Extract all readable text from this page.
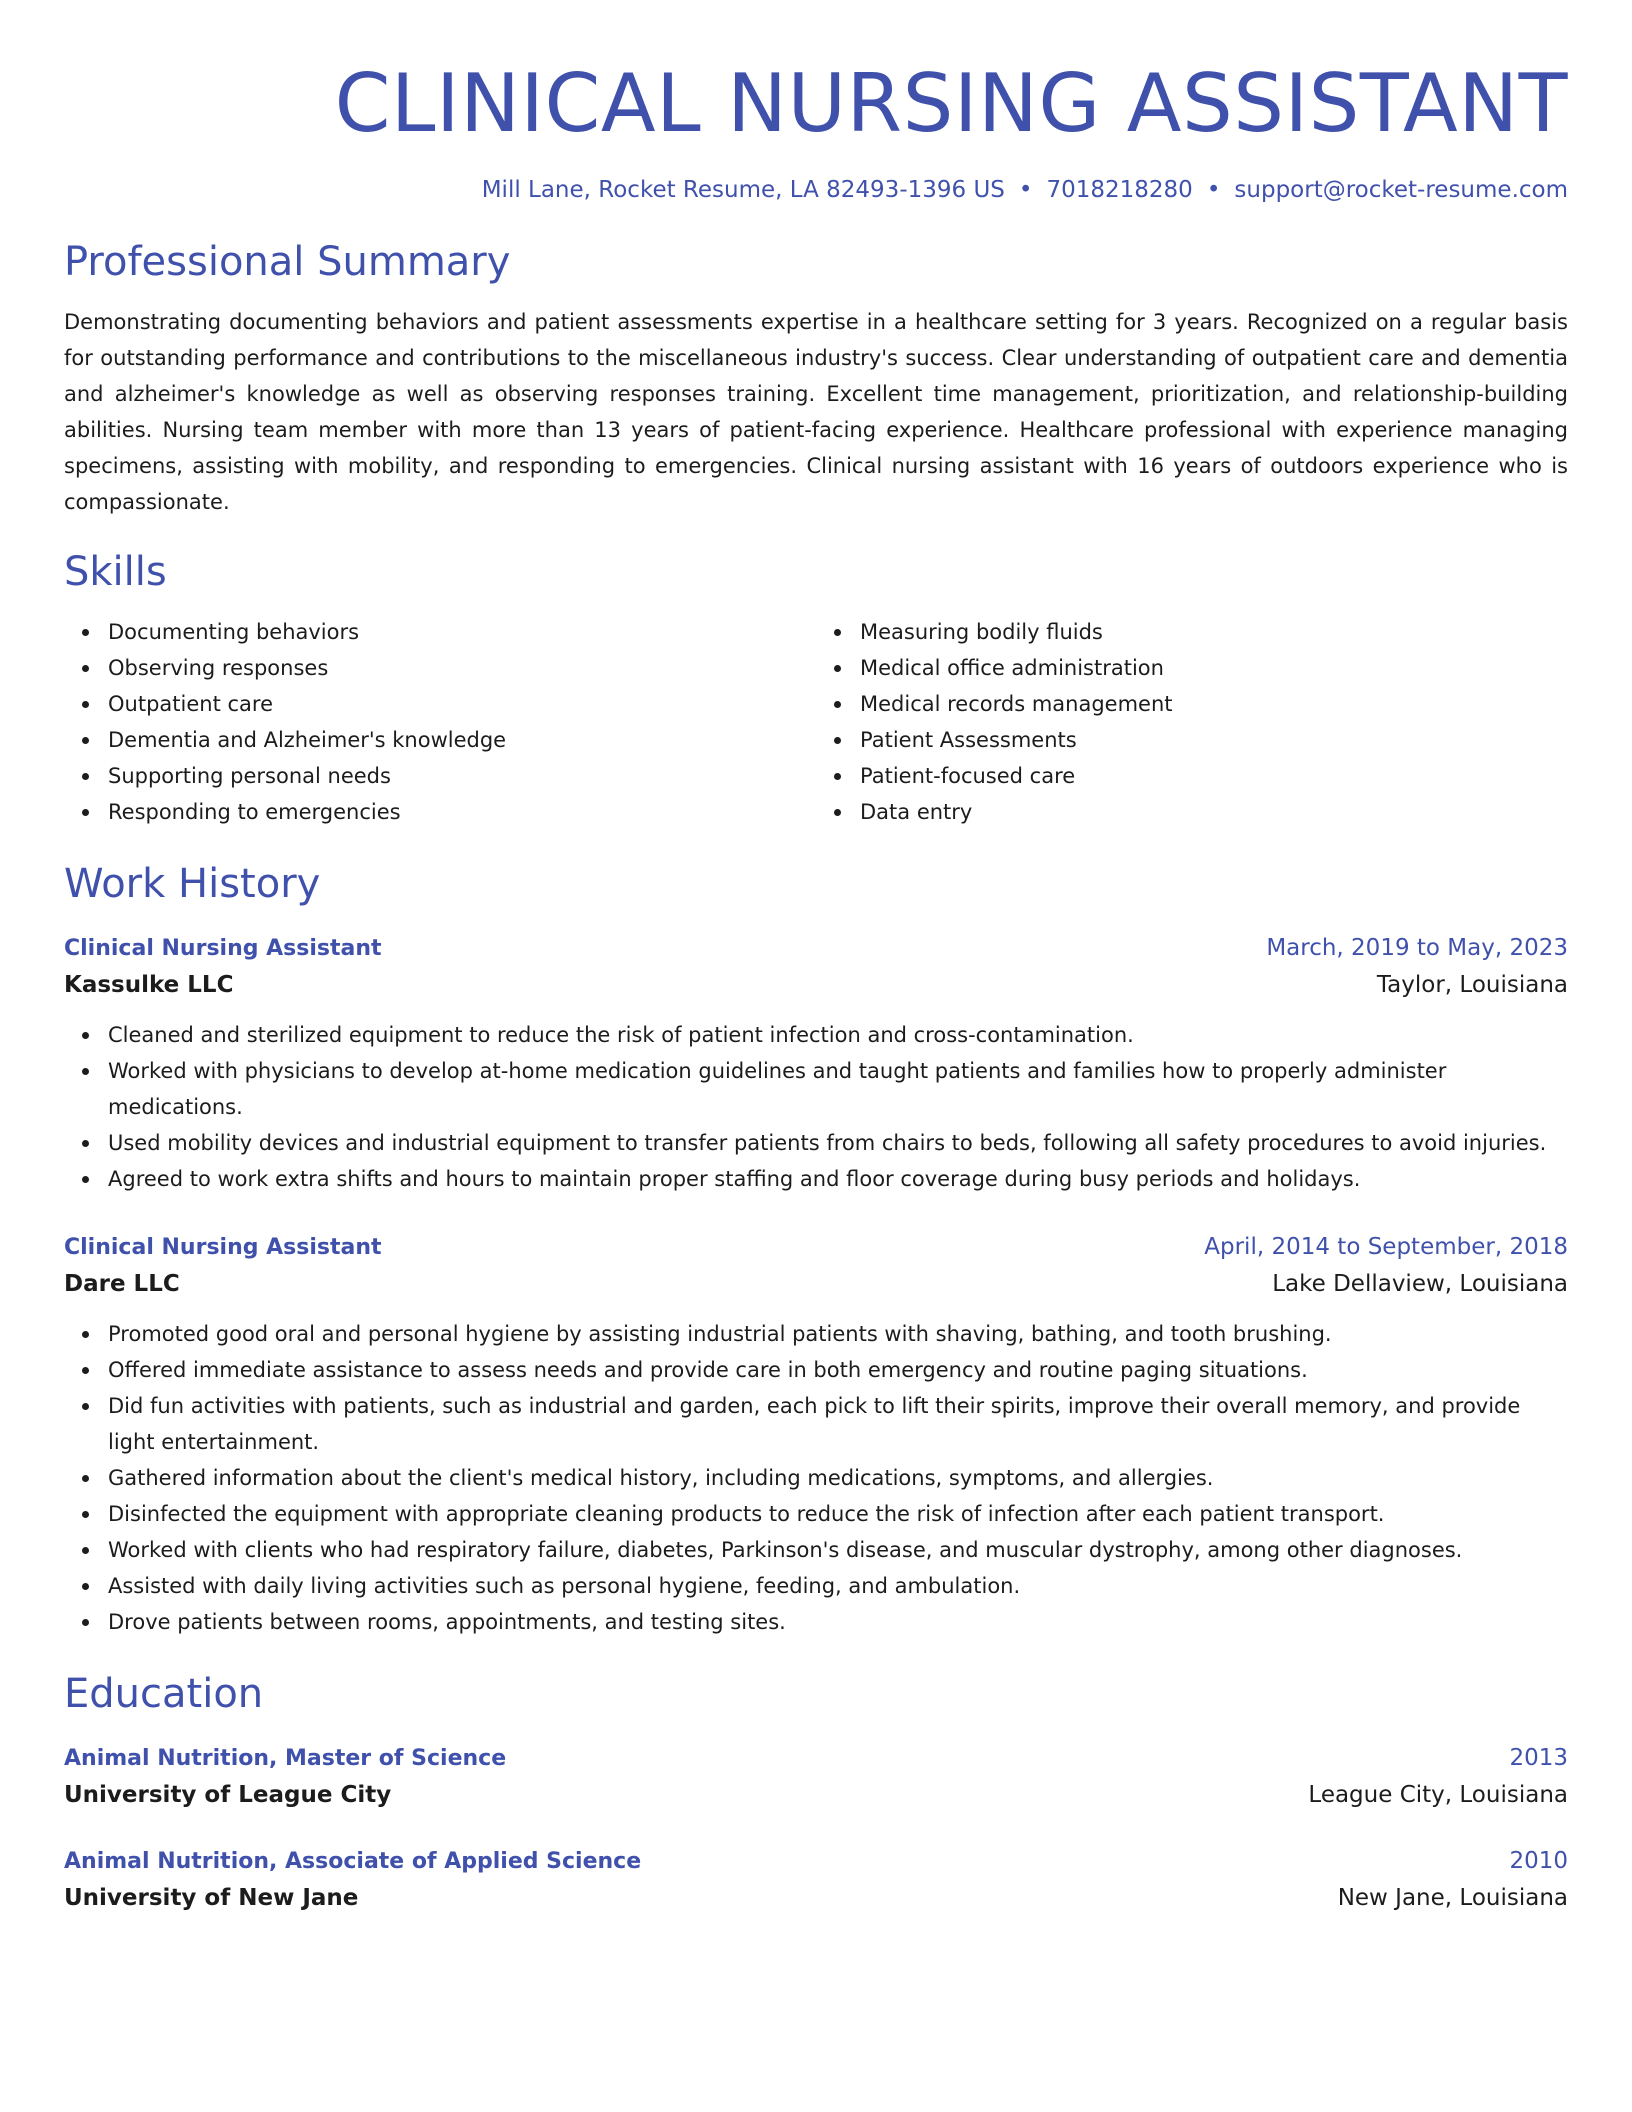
CLINICAL NURSING ASSISTANT
Mill Lane, Rocket Resume, LA 82493-1396 US • 7018218280 • support@rocket-resume.com
Professional Summary
Demonstrating documenting behaviors and patient assessments expertise in a healthcare setting for 3 years. Recognized on a regular basis for outstanding performance and contributions to the miscellaneous industry's success. Clear understanding of outpatient care and dementia and alzheimer's knowledge as well as observing responses training. Excellent time management, prioritization, and relationship-building abilities. Nursing team member with more than 13 years of patient-facing experience. Healthcare professional with experience managing specimens, assisting with mobility, and responding to emergencies. Clinical nursing assistant with 16 years of outdoors experience who is compassionate.
Skills
Documenting behaviors
Observing responses
Outpatient care
Dementia and Alzheimer's knowledge
Supporting personal needs
Responding to emergencies
Measuring bodily fluids
Medical office administration
Medical records management
Patient Assessments
Patient-focused care
Data entry
Work History
Clinical Nursing Assistant	March, 2019 to May, 2023
Kassulke LLC	Taylor, Louisiana
Cleaned and sterilized equipment to reduce the risk of patient infection and cross-contamination.
Worked with physicians to develop at-home medication guidelines and taught patients and families how to properly administer medications.
Used mobility devices and industrial equipment to transfer patients from chairs to beds, following all safety procedures to avoid injuries.
Agreed to work extra shifts and hours to maintain proper staffing and floor coverage during busy periods and holidays.
Clinical Nursing Assistant	April, 2014 to September, 2018
Dare LLC	Lake Dellaview, Louisiana
Promoted good oral and personal hygiene by assisting industrial patients with shaving, bathing, and tooth brushing.
Offered immediate assistance to assess needs and provide care in both emergency and routine paging situations.
Did fun activities with patients, such as industrial and garden, each pick to lift their spirits, improve their overall memory, and provide light entertainment.
Gathered information about the client's medical history, including medications, symptoms, and allergies.
Disinfected the equipment with appropriate cleaning products to reduce the risk of infection after each patient transport.
Worked with clients who had respiratory failure, diabetes, Parkinson's disease, and muscular dystrophy, among other diagnoses.
Assisted with daily living activities such as personal hygiene, feeding, and ambulation.
Drove patients between rooms, appointments, and testing sites.
Education
Animal Nutrition, Master of Science	2013
University of League City	League City, Louisiana
Animal Nutrition, Associate of Applied Science	2010
University of New Jane	New Jane, Louisiana
